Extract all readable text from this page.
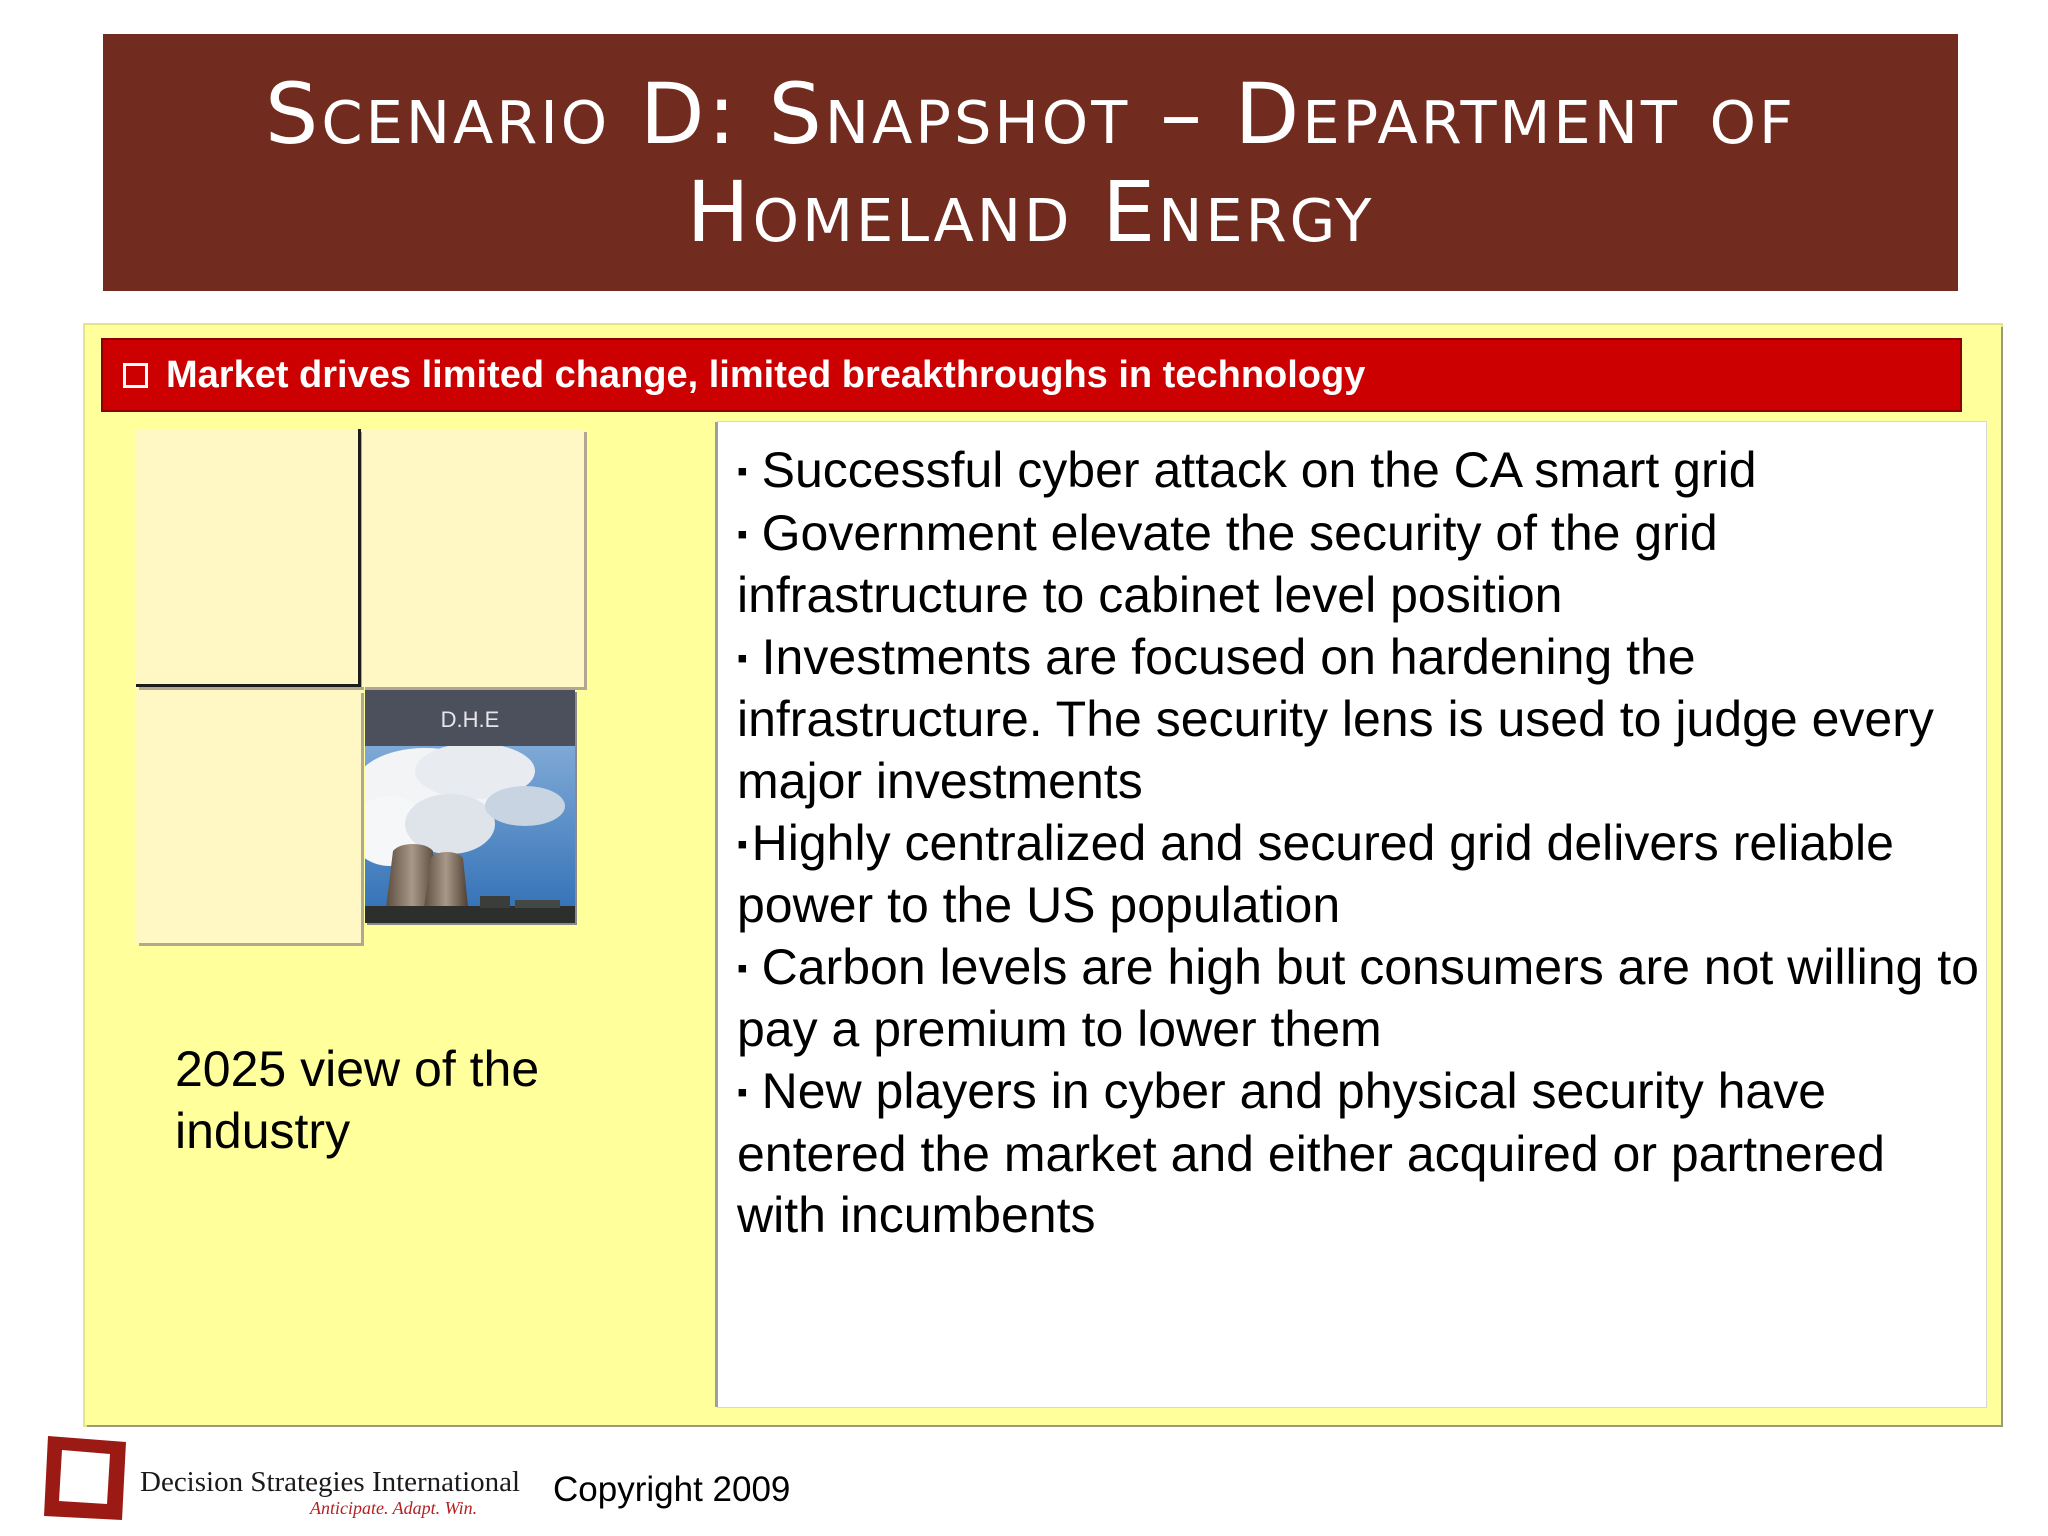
Scenario D: Snapshot – Department of
Homeland Energy
Market drives limited change, limited breakthroughs in technology
D.H.E
2025 view of the industry

▪ Successful cyber attack on the CA smart grid

▪ Government elevate the security of the grid infrastructure to cabinet level position

▪ Investments are focused on hardening the infrastructure. The security lens is used to judge every major investments

▪Highly centralized and secured grid delivers reliable power to the US population

▪ Carbon levels are high but consumers are not willing to pay a premium to lower them

▪ New players in cyber and physical security have entered the market and either acquired or partnered with incumbents

Decision Strategies International
Anticipate. Adapt. Win. Copyright 2009
